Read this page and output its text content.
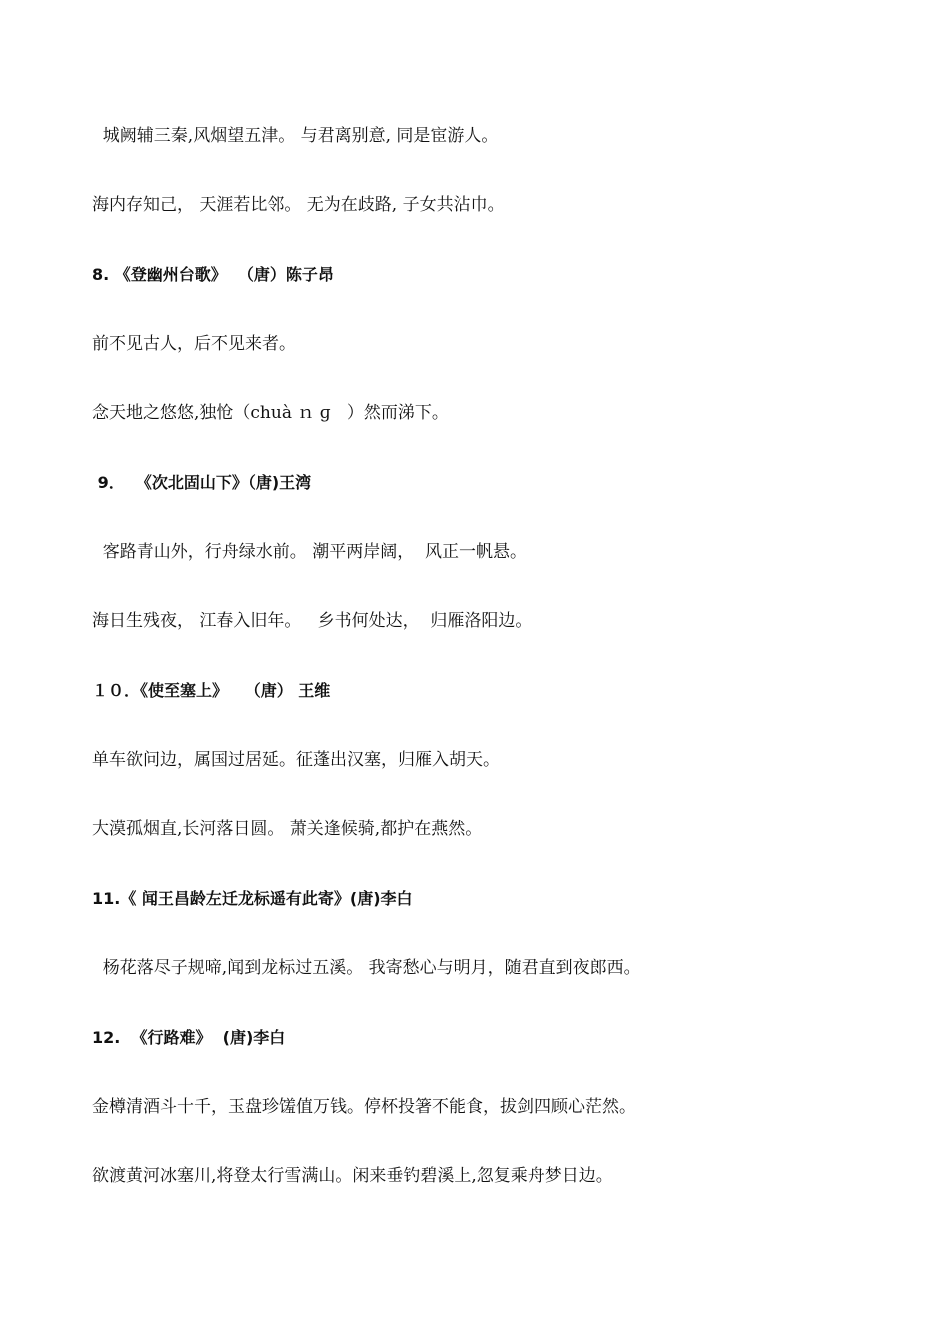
城阙辅三秦,风烟望五津。 与君离别意, 同是宦游人。
海内存知己， 天涯若比邻。 无为在歧路, 子女共沾巾。
8. 《登幽州台歌》  （唐）陈子昂
前不见古人，后不见来者。
念天地之悠悠,独怆（chuà ｎ ɡ   ）然而涕下。
9．  《次北固山下》（唐)王湾
客路青山外，行舟绿水前。 潮平两岸阔，  风正一帆悬。
海日生残夜， 江春入旧年。   乡书何处达，  归雁洛阳边。
１０．《使至塞上》   （唐） 王维
单车欲问边，属国过居延。征蓬出汉塞，归雁入胡天。
大漠孤烟直,长河落日圆。 萧关逢候骑,都护在燕然。
11.《 闻王昌龄左迁龙标遥有此寄》(唐)李白
杨花落尽子规啼,闻到龙标过五溪。 我寄愁心与明月，随君直到夜郎西。
12.  《行路难》  (唐)李白
金樽清酒斗十千，玉盘珍馐值万钱。停杯投箸不能食，拔剑四顾心茫然。
欲渡黄河冰塞川,将登太行雪满山。闲来垂钓碧溪上,忽复乘舟梦日边。
